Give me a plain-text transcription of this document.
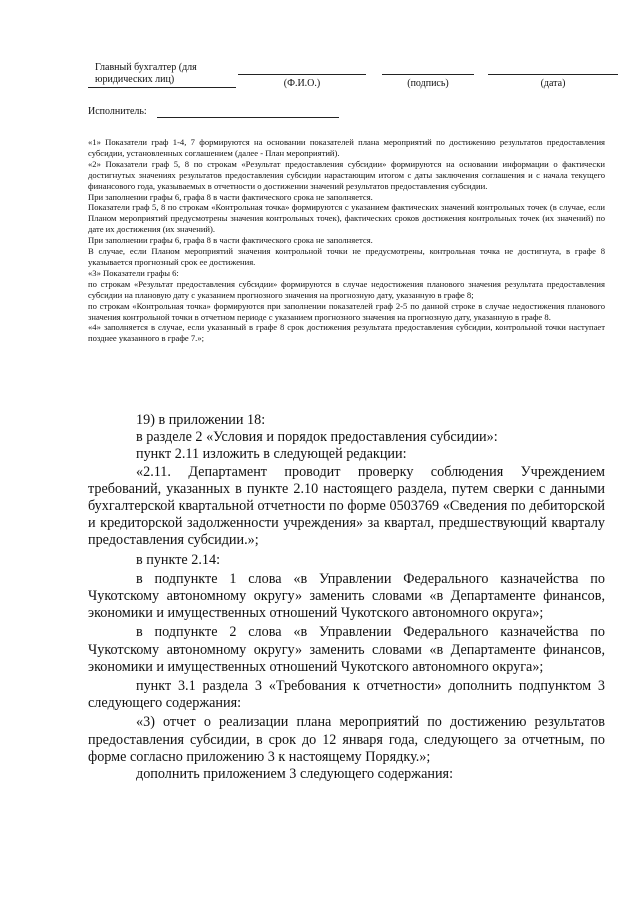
Главный бухгалтер (для
юридических лиц)	(Ф.И.О.)	(подпись)	(дата)
Исполнитель:

«1» Показатели граф 1-4, 7 формируются на основании показателей плана мероприятий по достижению результатов предоставления субсидии, установленных соглашением (далее - План мероприятий).

«2» Показатели граф 5, 8 по строкам «Результат предоставления субсидии» формируются на основании информации о фактически достигнутых значениях результатов предоставления субсидии нарастающим итогом с даты заключения соглашения и с начала текущего финансового года, указываемых в отчетности о достижении значений результатов предоставления субсидии.

При заполнении графы 6, графа 8 в части фактического срока не заполняется.

Показатели граф 5, 8 по строкам «Контрольная точка» формируются с указанием фактических значений контрольных точек (в случае, если Планом мероприятий предусмотрены значения контрольных точек), фактических сроков достижения контрольных точек (их значений) по дате их достижения (их значений).

При заполнении графы 6, графа 8 в части фактического срока не заполняется.

В случае, если Планом мероприятий значения контрольной точки не предусмотрены, контрольная точка не достигнута, в графе 8 указывается прогнозный срок ее достижения.

«3» Показатели графы 6:

по строкам «Результат предоставления субсидии» формируются в случае недостижения планового значения результата предоставления субсидии на плановую дату с указанием прогнозного значения на прогнозную дату, указанную в графе 8;

по строкам «Контрольная точка» формируются при заполнении показателей граф 2-5 по данной строке в случае недостижения планового значения контрольной точки в отчетном периоде с указанием прогнозного значения на прогнозную дату, указанную в графе 8.

«4» заполняется в случае, если указанный в графе 8 срок достижения результата предоставления субсидии, контрольной точки наступает позднее указанного в графе 7.»;

19) в приложении 18:

в разделе 2 «Условия и порядок предоставления субсидии»:

пункт 2.11 изложить в следующей редакции:

«2.11. Департамент проводит проверку соблюдения Учреждением требований, указанных в пункте 2.10 настоящего раздела, путем сверки с данными бухгалтерской квартальной отчетности по форме 0503769 «Сведения по дебиторской и кредиторской задолженности учреждения» за квартал, предшествующий кварталу предоставления субсидии.»;

в пункте 2.14:

в подпункте 1 слова «в Управлении Федерального казначейства по Чукотскому автономному округу» заменить словами «в Департаменте финансов, экономики и имущественных отношений Чукотского автономного округа»;

в подпункте 2 слова «в Управлении Федерального казначейства по Чукотскому автономному округу» заменить словами «в Департаменте финансов, экономики и имущественных отношений Чукотского автономного округа»;

пункт 3.1 раздела 3 «Требования к отчетности» дополнить подпунктом 3 следующего содержания:

«3) отчет о реализации плана мероприятий по достижению результатов предоставления субсидии, в срок до 12 января года, следующего за отчетным, по форме согласно приложению 3 к настоящему Порядку.»;

дополнить приложением 3 следующего содержания:
